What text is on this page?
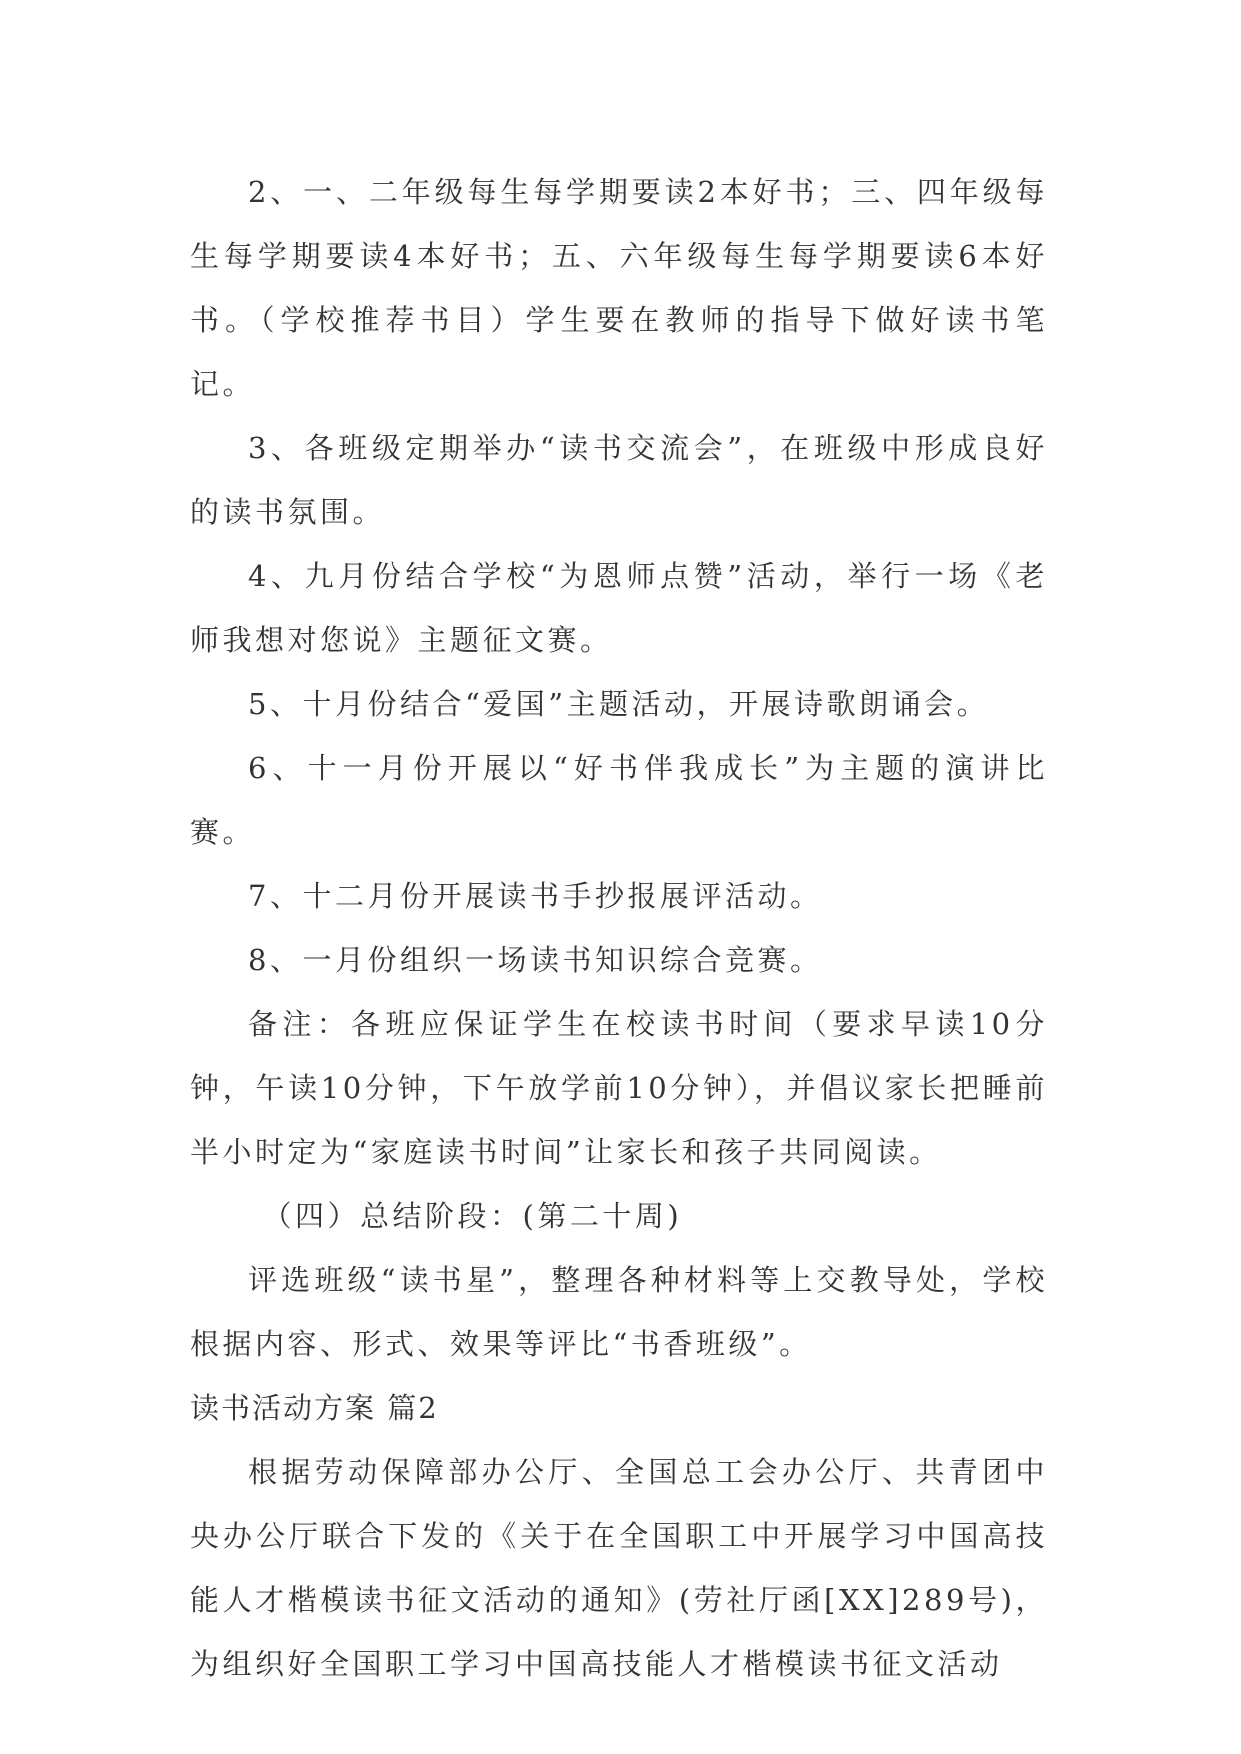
2、一、二年级每生每学期要读2本好书；三、四年级每生每学期要读4本好书；五、六年级每生每学期要读6本好书。（学校推荐书目）学生要在教师的指导下做好读书笔记。

3、各班级定期举办“读书交流会”，在班级中形成良好的读书氛围。

4、九月份结合学校“为恩师点赞”活动，举行一场《老师我想对您说》主题征文赛。

5、十月份结合“爱国”主题活动，开展诗歌朗诵会。

6、十一月份开展以“好书伴我成长”为主题的演讲比赛。

7、十二月份开展读书手抄报展评活动。

8、一月份组织一场读书知识综合竞赛。

备注：各班应保证学生在校读书时间（要求早读10分钟，午读10分钟，下午放学前10分钟），并倡议家长把睡前半小时定为“家庭读书时间”让家长和孩子共同阅读。

（四）总结阶段：(第二十周)

评选班级“读书星”，整理各种材料等上交教导处，学校根据内容、形式、效果等评比“书香班级”。

读书活动方案 篇2

根据劳动保障部办公厅、全国总工会办公厅、共青团中央办公厅联合下发的《关于在全国职工中开展学习中国高技能人才楷模读书征文活动的通知》(劳社厅函[XX]289号)，为组织好全国职工学习中国高技能人才楷模读书征文活动
